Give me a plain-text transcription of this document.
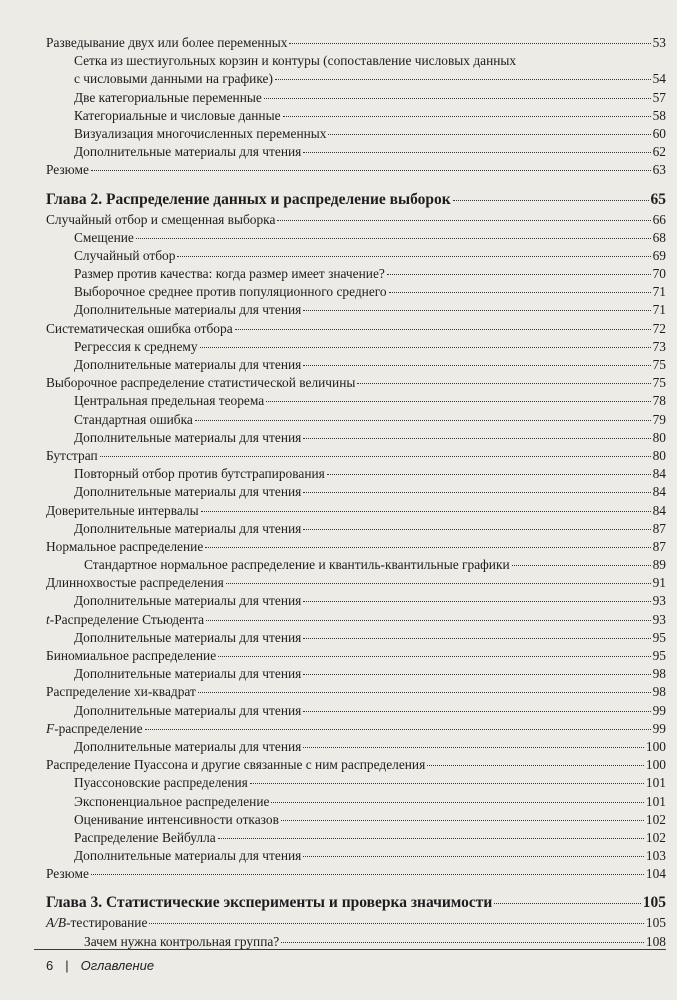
Разведывание двух или более переменных	53
Сетка из шестиугольных корзин и контуры (сопоставление числовых данных
с числовыми данными на графике)	54
Две категориальные переменные	57
Категориальные и числовые данные	58
Визуализация многочисленных переменных	60
Дополнительные материалы для чтения	62
Резюме	63
Глава 2. Распределение данных и распределение выборок	65
Случайный отбор и смещенная выборка	66
Смещение	68
Случайный отбор	69
Размер против качества: когда размер имеет значение?	70
Выборочное среднее против популяционного среднего	71
Дополнительные материалы для чтения	71
Систематическая ошибка отбора	72
Регрессия к среднему	73
Дополнительные материалы для чтения	75
Выборочное распределение статистической величины	75
Центральная предельная теорема	78
Стандартная ошибка	79
Дополнительные материалы для чтения	80
Бутстрап	80
Повторный отбор против бутстрапирования	84
Дополнительные материалы для чтения	84
Доверительные интервалы	84
Дополнительные материалы для чтения	87
Нормальное распределение	87
Стандартное нормальное распределение и квантиль-квантильные графики	89
Длиннохвостые распределения	91
Дополнительные материалы для чтения	93
t-Распределение Стьюдента	93
Дополнительные материалы для чтения	95
Биномиальное распределение	95
Дополнительные материалы для чтения	98
Распределение хи-квадрат	98
Дополнительные материалы для чтения	99
F-распределение	99
Дополнительные материалы для чтения	100
Распределение Пуассона и другие связанные с ним распределения	100
Пуассоновские распределения	101
Экспоненциальное распределение	101
Оценивание интенсивности отказов	102
Распределение Вейбулла	102
Дополнительные материалы для чтения	103
Резюме	104
Глава 3. Статистические эксперименты и проверка значимости	105
A/B-тестирование	105
Зачем нужна контрольная группа?	108
6 | Оглавление
